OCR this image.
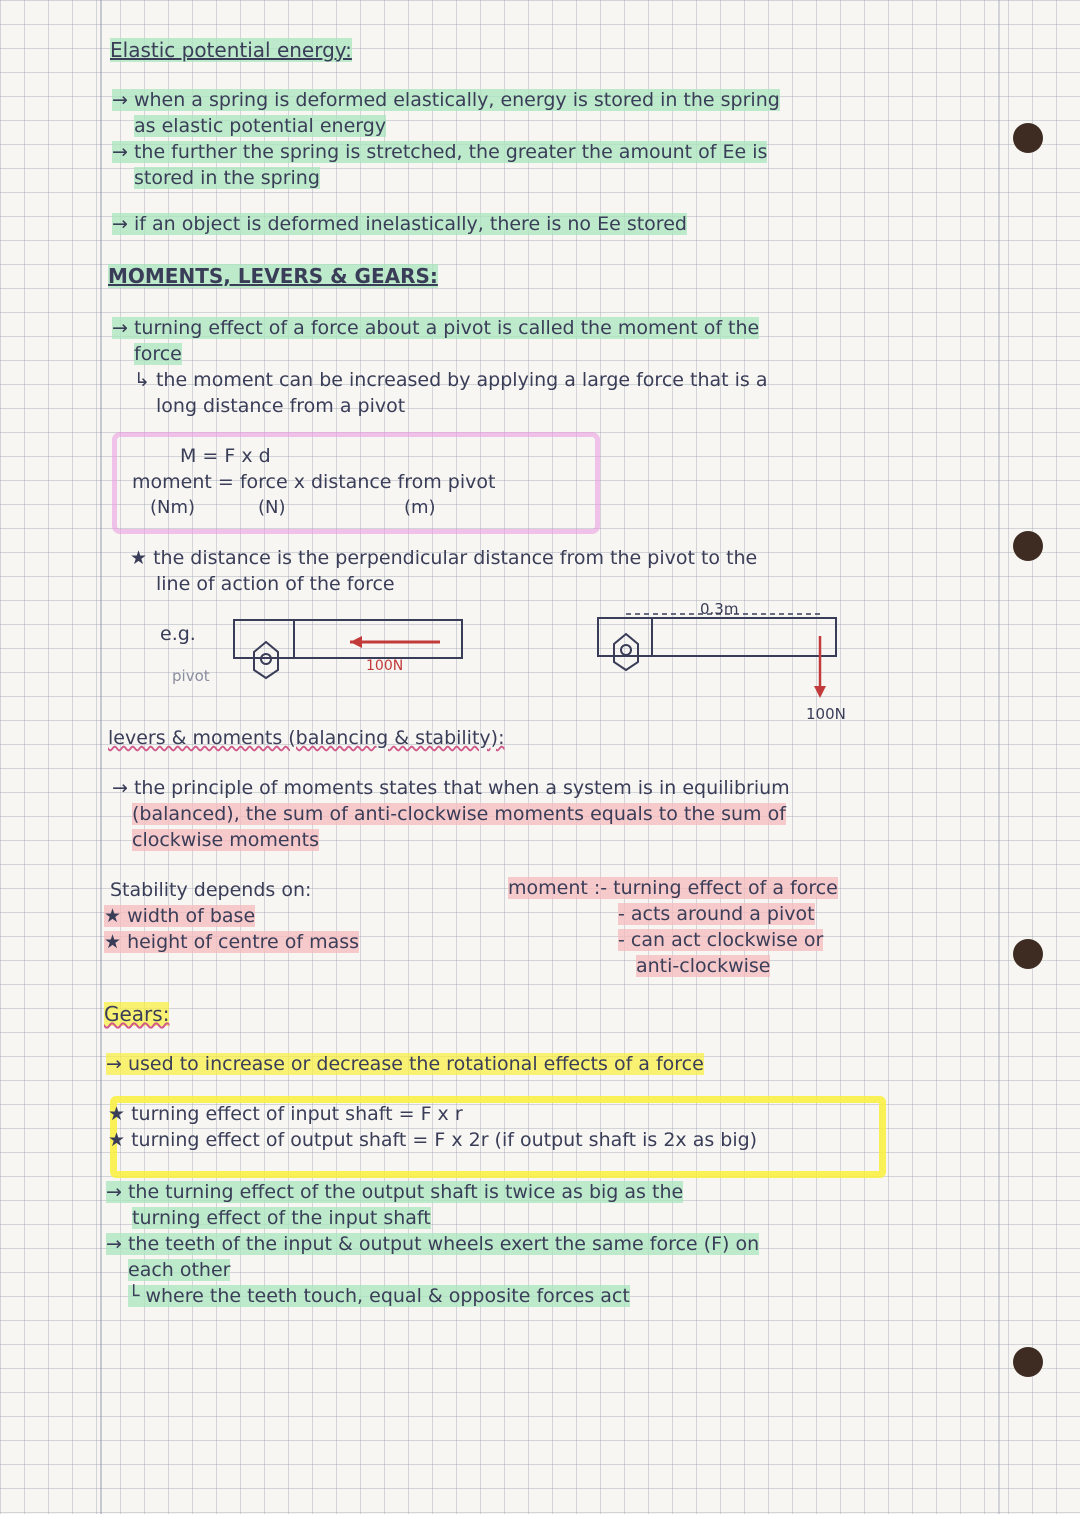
Elastic potential energy:
→ when a spring is deformed elastically, energy is stored in the spring
as elastic potential energy
→ the further the spring is stretched, the greater the amount of Ee is
stored in the spring
→ if an object is deformed inelastically, there is no Ee stored
MOMENTS, LEVERS & GEARS:
→ turning effect of a force about a pivot is called the moment of the
force
↳ the moment can be increased by applying a large force that is a
long distance from a pivot
M = F x d
moment = force x distance from pivot
(Nm)	(N)	(m)
★ the distance is the perpendicular distance from the pivot to the
line of action of the force
e.g.
pivot
100N
0.3m
100N
levers & moments (balancing & stability):
→ the principle of moments states that when a system is in equilibrium
(balanced), the sum of anti-clockwise moments equals to the sum of
clockwise moments
Stability depends on:
★ width of base
★ height of centre of mass
moment :- turning effect of a force
- acts around a pivot
- can act clockwise or
anti-clockwise
Gears:
→ used to increase or decrease the rotational effects of a force
★ turning effect of input shaft = F x r
★ turning effect of output shaft = F x 2r (if output shaft is 2x as big)
→ the turning effect of the output shaft is twice as big as the
turning effect of the input shaft
→ the teeth of the input & output wheels exert the same force (F) on
each other
└ where the teeth touch, equal & opposite forces act
